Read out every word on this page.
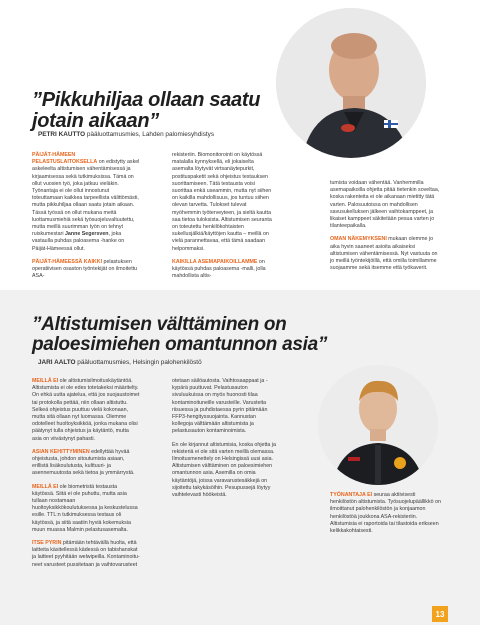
”Pikkuhiljaa ollaan saatu jotain aikaan”
PETRI KAUTTO pääluottamusmies, Lahden palomiesyhdistys

PÄIJÄT-HÄMEEN PELASTUSLAITOKSELLA on edistytty askel askeleelta altistumisen vähentämisessä ja kirjaamisessa sekä tutkimuksissa. Tämä on ollut vuosien työ, joka jatkuu vieläkin. Työnantaja ei ole ollut innostunut toteuttamaan kaikkea tarpeellista välittömästi, mutta pikkuhiljaa ollaan saatu jotain aikaan. Tässä työssä on ollut mukana meitä luottamusmiehiä sekä työsuojeluvaltuutettu, mutta meillä suurimman työn on tehnyt ruiskumestari Janne Segersven, joka vastaulla puhdas paloasema -hanke on Päijät-Hämeessä ollut.

PÄIJÄT-HÄMEESSÄ KAIKKI pelastuksen operatiivisen osaston työntekijät on ilmoitettu ASA-

rekisteriin. Biomonitorointi on käytössä matalalla kynnyksellä, eli jokaiselta asemalta löytyvät virtsanäytepurkit, postituspaketit sekä ohjeistus testauksen suorittamiseen. Tätä testausta voisi suorittaa enkä useammin, mutta nyt siihen on kaikilla mahdollisuus, jos tuntuu siihen olevan tarvetta. Tulokset tulevat myöhemmin työterveyteen, ja sieltä kautta saa tietoa tuloksista. Altistumisen seuranta on toteutettu henkilökohtaisten sukellusjälkiä/käyttöjen kautta – meillä on vielä parannettavaa, että tämä saadaan helpommaksi.

KAIKILLA ASEMAPAIKOILLAMME on käytössä puhdas paloasema -malli, jolla mahdollista altis-

tumista voidaan vähentää. Vanhemmilla asemapaikoilla ohjetta pitää tietenkin soveltaa, koska rakenteita ei ole aikanaan mietitty tätä varten. Palosuutoissa on mahdollisen savusukelluksen jälkeen vaihtokamppeet, ja likaiset kamppeet säkitetään pesua varten jo tilanteepaikalla.

OMAN NÄKEMYKSENI mukaan olemme jo aika hyvin saaneet asioita aikaiseksi altistumisen vähentämisessä. Nyt vastuuta on jo meillä työntekijöillä, että omilla toimillamme suojaamme sekä itsemme että työkaverit.

”Altistumisen välttäminen on paloesimiehen omantunnon asia”
JARI AALTO pääluottamusmies, Helsingin palohenkilöstö

MEILLÄ EI ole altistumisilmoituskäytäntöä. Altistumista ei ole edes totetakeksi määritelty. On ehkä uutta ajatelua, että jos suojaustoimet tai protokolla pettää, niin ollaan altistuttu. Selkeä ohjeistus puuttuu vielä kokonaan, mutta sitä ollaan nyt luomassa. Olemme odotelleet huoltoyksikköä, jonka mukana olisi päätynyt tulla ohjeistus ja käytäntö, mutta asia on viivästynyt pahasti.

ASIAN KEHITTYMINEN edellyttää hyvää ohjeistusta, johdon sitoutumista asiaan, erillistä lisäkoulutusta, kulttuuri- ja asennemuutosta sekä tietoa ja ymmärrystä.

MEILLÄ EI ole biometristä testausta käytössä. Siitä ei ole puhuttu, mutta asia tullaan nostamaan huoltoyksikkökoulutuksessa ja keskustelussa esille. TTL:n tutkimuksessa testaus oli käytössä, ja siitä saatiin hyviä kokemuksia muun muassa Malmin pelastusasemalta.

ITSE PYRIN pitämään tehtävällä huolta, että laitteita käsitellessä kädessä on tabishanskat ja laitteet pyyhitään welwipeilla. Kontaminoitu-neet varusteet pussitetaan ja vaihtovarusteet

otetaan säilöautosta. Vaihtosaappaat ja -kypärä puuttuvat. Pelastusauton sivuluukuissa on myös huonosti tilaa kontaminoituneille varusteille. Varusteita riisuessa ja puhdistaessa pyrin pitämään FFP3-hengityssuojainta. Kannustan kollegoja välttämään altistumista ja pelastusauton kontaminoimista.

En ole kirjannut altistumisia, koska ohjetta ja rekisteriä ei ole sitä varten meillä olemassa. Ilmoitusmenettely on Helsingissä uusi asia. Altistumisen välttäminen on paloesimiehen omantunnon asia. Asemilla on omia käytäntöjä, joissa varavarustesäkkejä on sijoitettu takykäsöihin. Pesupussejä löytyy vaihtelevasti höökeistä.	TYÖNANTAJA EI seuraa aktiivisesti henkilöstön altistumista. Työsuojelupäällikkö on ilmoittanut palohenkilöstön ja konjaamon henkilöstöä joukkona ASA-rekisteriin. Altistumisia ei raportoida tai tilastoida erikseen kelikkakohtaisesti.

13
